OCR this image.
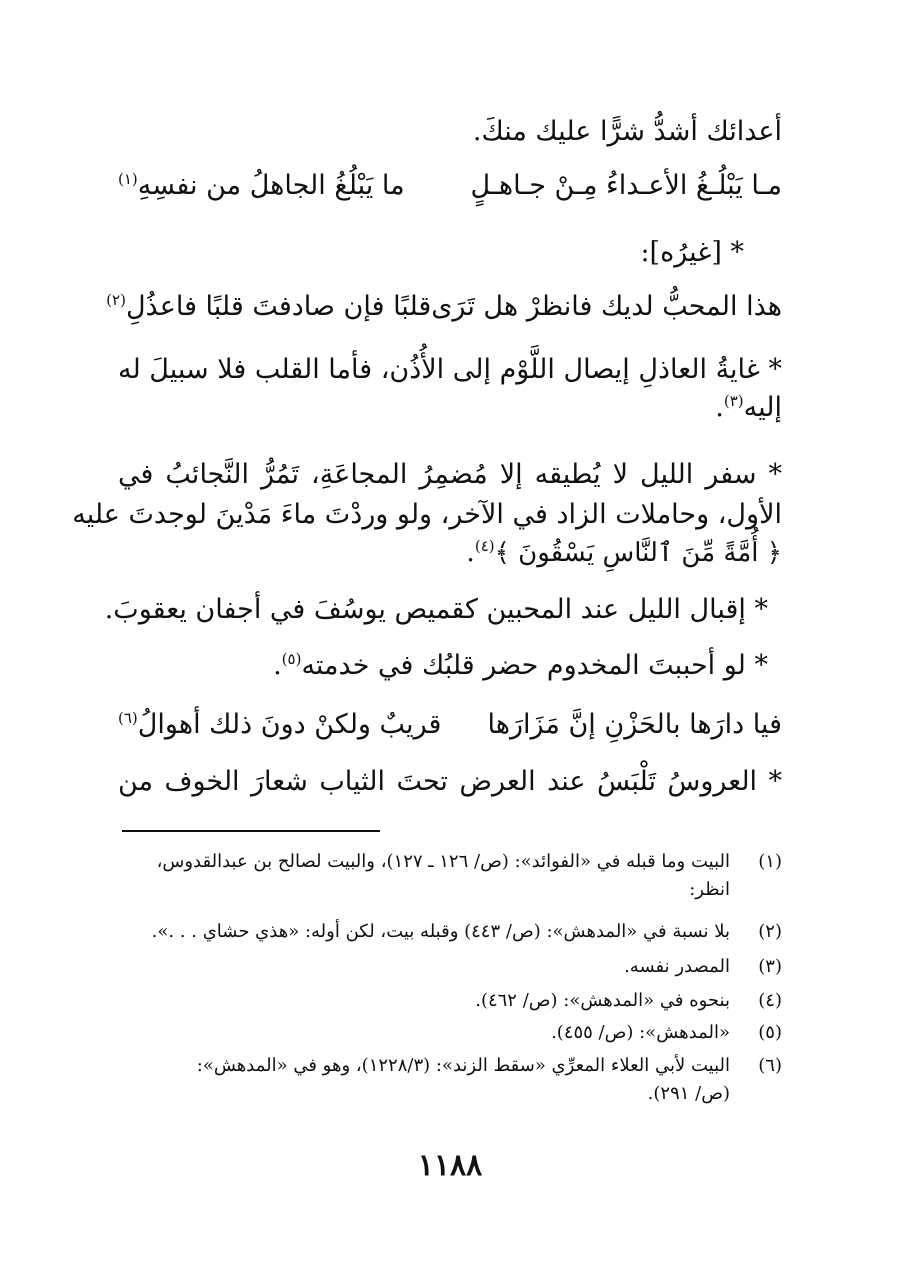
أعدائك أشدُّ شرًّا عليك منكَ.
مـا يَبْلُـغُ الأعـداءُ مِـنْ جـاهـلٍ
ما يَبْلُغُ الجاهلُ من نفسِهِ$^{(١)}$
* [غيرُه]:
هذا المحبُّ لديك فانظرْ هل تَرَى
قلبًا فإن صادفتَ قلبًا فاعذُلِ$^{(٢)}$
* غايةُ العاذلِ إيصال اللَّوْم إلى الأُذُن، فأما القلب فلا سبيلَ له
إليه$^{(٣)}$.
* سفر الليل لا يُطيقه إلا مُضمِرُ المجاعَةِ، تَمُرُّ النَّجائبُ في
الأول، وحاملات الزاد في الآخر، ولو وردْتَ ماءَ مَدْينَ لوجدتَ عليه
﴿ أُمَّةً مِّنَ ٱلنَّاسِ يَسْقُونَ ﴾$^{(٤)}$.
* إقبال الليل عند المحبين كقميص يوسُفَ في أجفان يعقوبَ.
* لو أحببتَ المخدوم حضر قلبُك في خدمته$^{(٥)}$.
فيا دارَها بالحَزْنِ إنَّ مَزَارَها
قريبٌ ولكنْ دونَ ذلك أهوالُ$^{(٦)}$
* العروسُ تَلْبَسُ عند العرض تحتَ الثياب شعارَ الخوف من
(١)
البيت وما قبله في «الفوائد»: (ص/ ١٢٦ ـ ١٢٧)، والبيت لصالح بن عبدالقدوس،
انظر:
(٢)
بلا نسبة في «المدهش»: (ص/ ٤٤٣) وقبله بيت، لكن أوله: «هذي حشاي . . .».
(٣)
المصدر نفسه.
(٤)
بنحوه في «المدهش»: (ص/ ٤٦٢).
(٥)
«المدهش»: (ص/ ٤٥٥).
(٦)
البيت لأبي العلاء المعرِّي «سقط الزند»: (١٢٢٨/٣)، وهو في «المدهش»:
(ص/ ٢٩١).
١١٨٨
